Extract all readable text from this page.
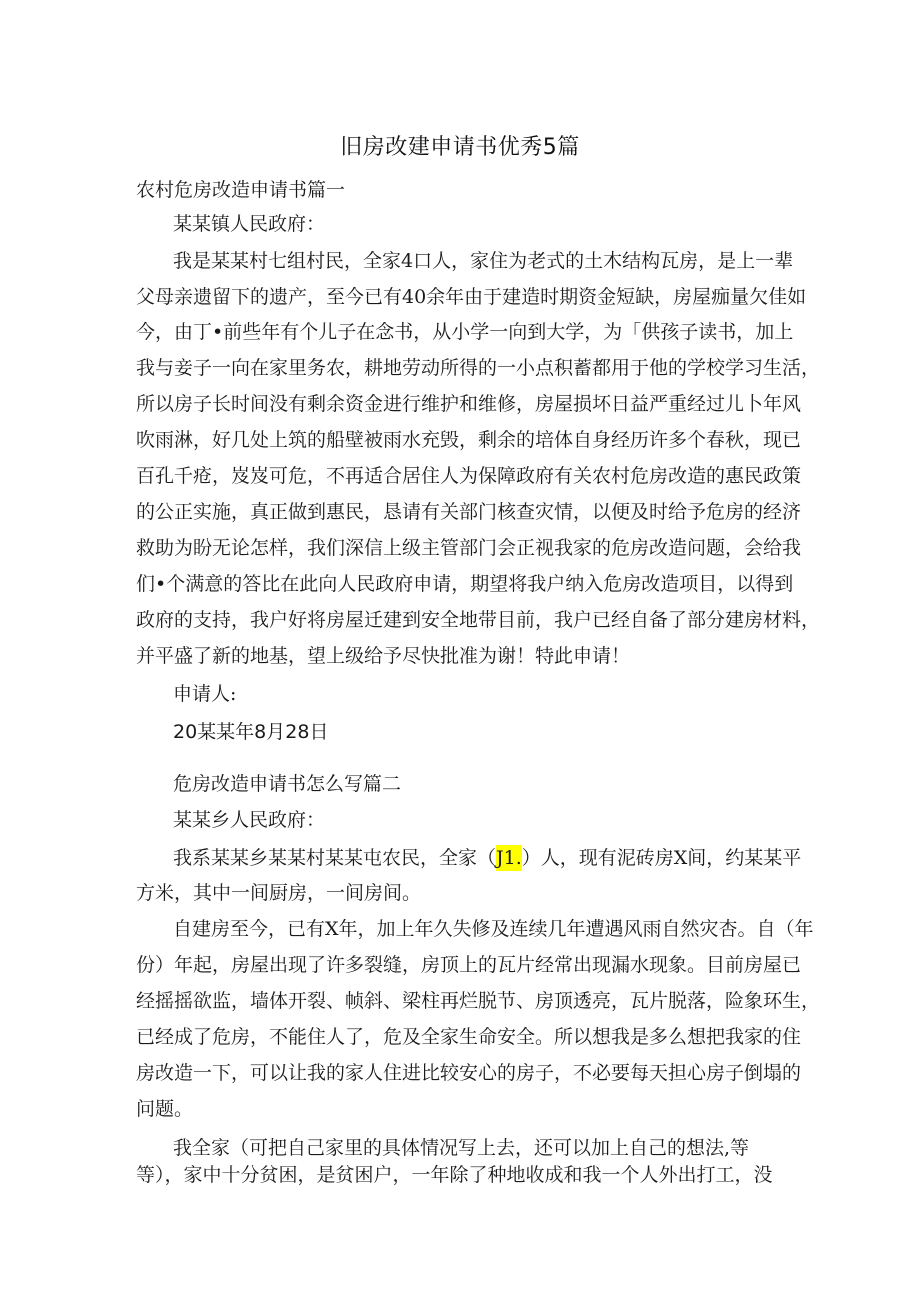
旧房改建申请书优秀5篇
农村危房改造申请书篇一
某某镇人民政府：
我是某某村七组村民，全家4口人，家住为老式的土木结构瓦房，是上一辈
父母亲遗留下的遗产，至今已有40余年由于建造时期资金短缺，房屋痂量欠佳如
今，由丁•前些年有个儿子在念书，从小学一向到大学，为「供孩子读书，加上
我与妾子一向在家里务农，耕地劳动所得的一小点积蓄都用于他的学校学习生活，
所以房子长时间没有剩余资金进行维护和维修，房屋损坏日益严重经过儿卜年风
吹雨淋，好几处上筑的船壁被雨水充毁，剩余的培体自身经历许多个春秋，现已
百孔千疮，岌岌可危，不再适合居住人为保障政府有关农村危房改造的惠民政策
的公正实施，真正做到惠民，恳请有关部门核查灾情，以便及时给予危房的经济
救助为盼无论怎样，我们深信上级主管部门会正视我家的危房改造问题，会给我
们•个满意的答比在此向人民政府申请，期望将我户纳入危房改造项目，以得到
政府的支持，我户好将房屋迁建到安全地带目前，我户已经自备了部分建房材料，
并平盛了新的地基，望上级给予尽快批准为谢！特此申请！
申请人:
20某某年8月28日
危房改造申请书怎么写篇二
某某乡人民政府：
我系某某乡某某村某某屯农民，全家（J1.）人，现有泥砖房X间，约某某平
方米，其中一间厨房，一间房间。
自建房至今，已有X年，加上年久失修及连续几年遭遇风雨自然灾杏。自（年
份）年起，房屋出现了许多裂缝，房顶上的瓦片经常出现漏水现象。目前房屋已
经摇摇欲监，墙体开裂、帧斜、梁柱再烂脱节、房顶透亮，瓦片脱落，险象环生，
已经成了危房，不能住人了，危及全家生命安全。所以想我是多么想把我家的住
房改造一下，可以让我的家人住进比较安心的房子，不必要每天担心房子倒塌的
问题。
我全家（可把自己家里的具体情况写上去，还可以加上自己的想法,等
等），家中十分贫困，是贫困户，一年除了种地收成和我一个人外出打工，没
